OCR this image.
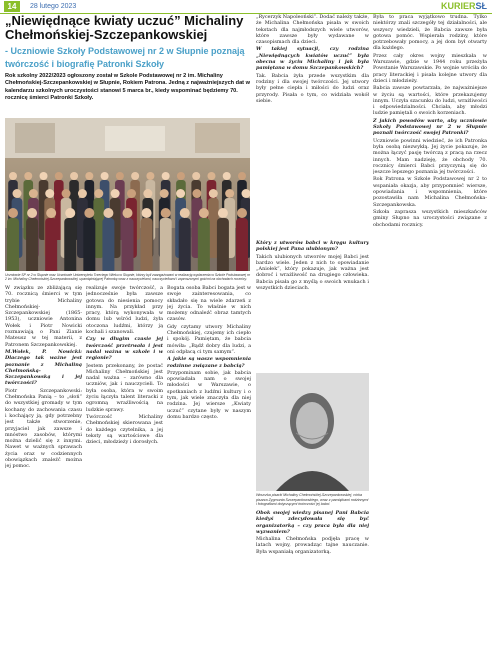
14	28 lutego 2023	KURIERSŁ
„Niewiędnące kwiaty uczuć” Michaliny Chełmońskiej-Szczepankowskiej
- Uczniowie Szkoły Podstawowej nr 2 w Słupnie poznają twórczość i biografię Patronki Szkoły

Rok szkolny 2022/2023 ogłoszony został w Szkole Podstawowej nr 2 im. Michaliny Chełmońskiej-Szczepankowskiej w Słupnie, Rokiem Patrona. Jedną z najważniejszych dat w kalendarzu szkolnych uroczystości stanowi 5 marca br., kiedy wspominać będziemy 70. rocznicę śmierci Patronki Szkoły.

Uczniowie SP nr 2 w Słupnie oraz Uczniowie Uniwersytetu Trzeciego Wieku w Słupnie, którzy byli zaangażowani w realizację wydarzenia w Szkole Podstawowej nr 2 im. Michaliny Chełmońskiej-Szczepankowskiej, upamiętniającej Patronkę wraz z nauczycielami, nauczycielkami i zaproszonymi gośćmi na obchodach rocznicy.

W związku ze zbliżającą się 70. rocznicą śmierci w tym trybie Michaliny Chełmońskiej-Szczepankowskiej (1865-1953), uczniowie Antonina Wołek i Piotr Nowicki rozmawiają o Pani Zianie Mateusz w tej materii, z Patronem Szczepankowskiej.

M.Wołek, P. Nowicki: Dlaczego tak ważne jest poznanie z Michaliną Chełmońską-Szczepankowską i jej twórczości?

Piotr Szczepankowski: Chełmońska Panią – to „słoń” do wszystkiej gromady w tym kochany do zachowania czasu i kochający ją, gdy potrzebny jest także stworzenie, przyjaciel jak zawsze i mnóstwo zasobów, którymi można dzielić się z innymi. Nawet w ważnych sprawach życia oraz w codziennych obowiązkach znaleźć można jej pomoc.

realizuje swoje twórczość, a jednocześnie była zawsze gotowa do niesienia pomocy innym. Na przykład przy pracy, którą wykonywała w domu lub wśród ludzi, żyła otoczona ludźmi, którzy ją kochali i szanowali.

Czy w długim czasie jej twórczość przetrwała i jest nadal ważna w szkole i w regionie?

Jestem przekonany, że postać Michaliny Chełmońskiej jest nadal ważna – zarówno dla uczniów, jak i nauczycieli. To była osoba, która w swoim życiu łączyła talent literacki z ogromną wrażliwością na ludzkie sprawy.

Twórczość Michaliny Chełmońskiej skierowana jest do każdego czytelnika, a jej teksty są wartościowe dla dzieci, młodzieży i dorosłych.

Bogata osoba Babci bogata jest w swoje zainteresowania, co składało się na wiele zdarzeń z jej życia. To właśnie w nich możemy odnaleźć obraz tamtych czasów.

Gdy czytamy utwory Michaliny Chełmońskiej, czujemy ich ciepło i spokój. Pamiętam, że babcia mówiła: „Bądź dobry dla ludzi, a oni odpłacą ci tym samym”.

A jakie są wasze wspomnienia rodzinne związane z babcią?

Przypominam sobie, jak babcia opowiadała nam o swojej młodości w Warszawie, o spotkaniach z ludźmi kultury i o tym, jak wiele znaczyła dla niej rodzina. Jej wiersze „Kwiaty uczuć” czytane były w naszym domu bardzo często.

„Rycerzyk Napoleoński”. Dodać należy także, że Michalina Chełmońska pisała w swoich tekstach dla najmłodszych wiele utworów, które zawsze były wydawane w czasopismach dla dzieci.

W takiej sytuacji, czy rodzina „Niewiędnących kwiatów uczuć” była obecna w życiu Michaliny i jak była pamiętana w domu Szczepankowskich?

Tak. Babcia żyła przede wszystkim dla rodziny i dla swojej twórczości. Jej utwory były pełne ciepła i miłości do ludzi oraz przyrody. Pisała o tym, co widziała wokół siebie.

Który z utworów babci w kręgu kultury polskiej jest Pana ulubionym?

Takich ulubionych utworów mojej Babci jest bardzo wiele. Jeden z nich to opowiadanie „Aniołek”, który pokazuje, jak ważna jest dobroć i wrażliwość na drugiego człowieka. Babcia pisała go z myślą o swoich wnukach i wszystkich dzieciach.

Wnuczka pisarki Michaliny Chełmońskiej-Szczepankowskiej, córka pisarza Zygmunta Szczepankowskiego, wraz z pamiątkami rodzinnymi i fotografiami dotyczącymi twórczości jej babci.

Obok swojej wiedzy pisanej Pani Babcia kiedyś zdecydowała się być organizatorką – czy praca była dla niej wyzwaniem?

Michalina Chełmońska podjęła pracę w latach wojny, prowadząc tajne nauczanie. Była wspaniałą organizatorką.

Była to praca wyjątkowo trudna. Tylko niektórzy znali szczegóły tej działalności, ale wszyscy wiedzieli, że Babcia zawsze była gotowa pomóc. Wspierała rodziny, które potrzebowały pomocy, a jej dom był otwarty dla każdego.

Przez cały okres wojny mieszkała w Warszawie, gdzie w 1944 roku przeżyła Powstanie Warszawskie. Po wojnie wróciła do pracy literackiej i pisała kolejne utwory dla dzieci i młodzieży.

Babcia zawsze powtarzała, że najważniejsze w życiu są wartości, które przekazujemy innym. Uczyła szacunku do ludzi, wrażliwości i odpowiedzialności. Chciała, aby młodzi ludzie pamiętali o swoich korzeniach.

Z jakich powodów warto, aby uczniowie Szkoły Podstawowej nr 2 w Słupnie poznali twórczość swojej Patronki?

Uczniowie powinni wiedzieć, że ich Patronka była osobą niezwykłą. Jej życie pokazuje, że można łączyć pasję twórczą z pracą na rzecz innych. Mam nadzieję, że obchody 70. rocznicy śmierci Babci przyczynią się do jeszcze lepszego poznania jej twórczości.

Rok Patrona w Szkole Podstawowej nr 2 to wspaniała okazja, aby przypomnieć wiersze, opowiadania i wspomnienia, które pozostawiła nam Michalina Chełmońska-Szczepankowska.

Szkoła zaprasza wszystkich mieszkańców gminy Słupno na uroczystości związane z obchodami rocznicy.
